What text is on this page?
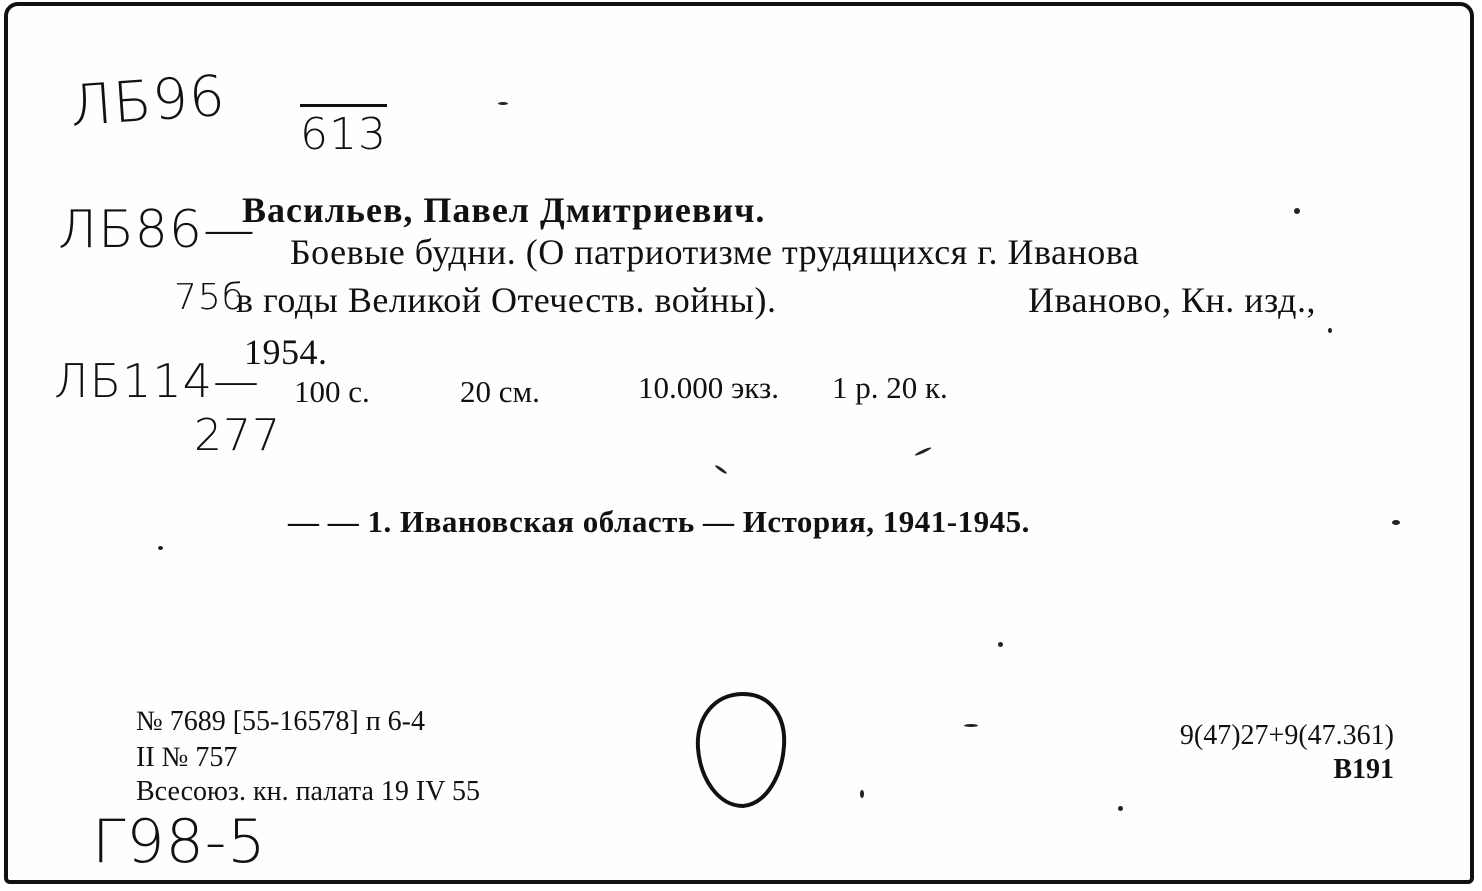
ЛБ96 613
ЛБ86—
75б
ЛБ114—
277
Васильев, Павел Дмитриевич.
Боевые будни. (О патриотизме трудящихся г. Иванова
в годы Великой Отечеств. войны).	Иваново, Кн. изд.,
1954.
100 с.	20 см.	10.000 экз. 1 р. 20 к.
— — 1. Ивановская область — История, 1941-1945.
№ 7689 [55-16578] п 6-4
II № 757
Всесоюз. кн. палата 19 IV 55
9(47)27+9(47.361)
В191
Г98-5
